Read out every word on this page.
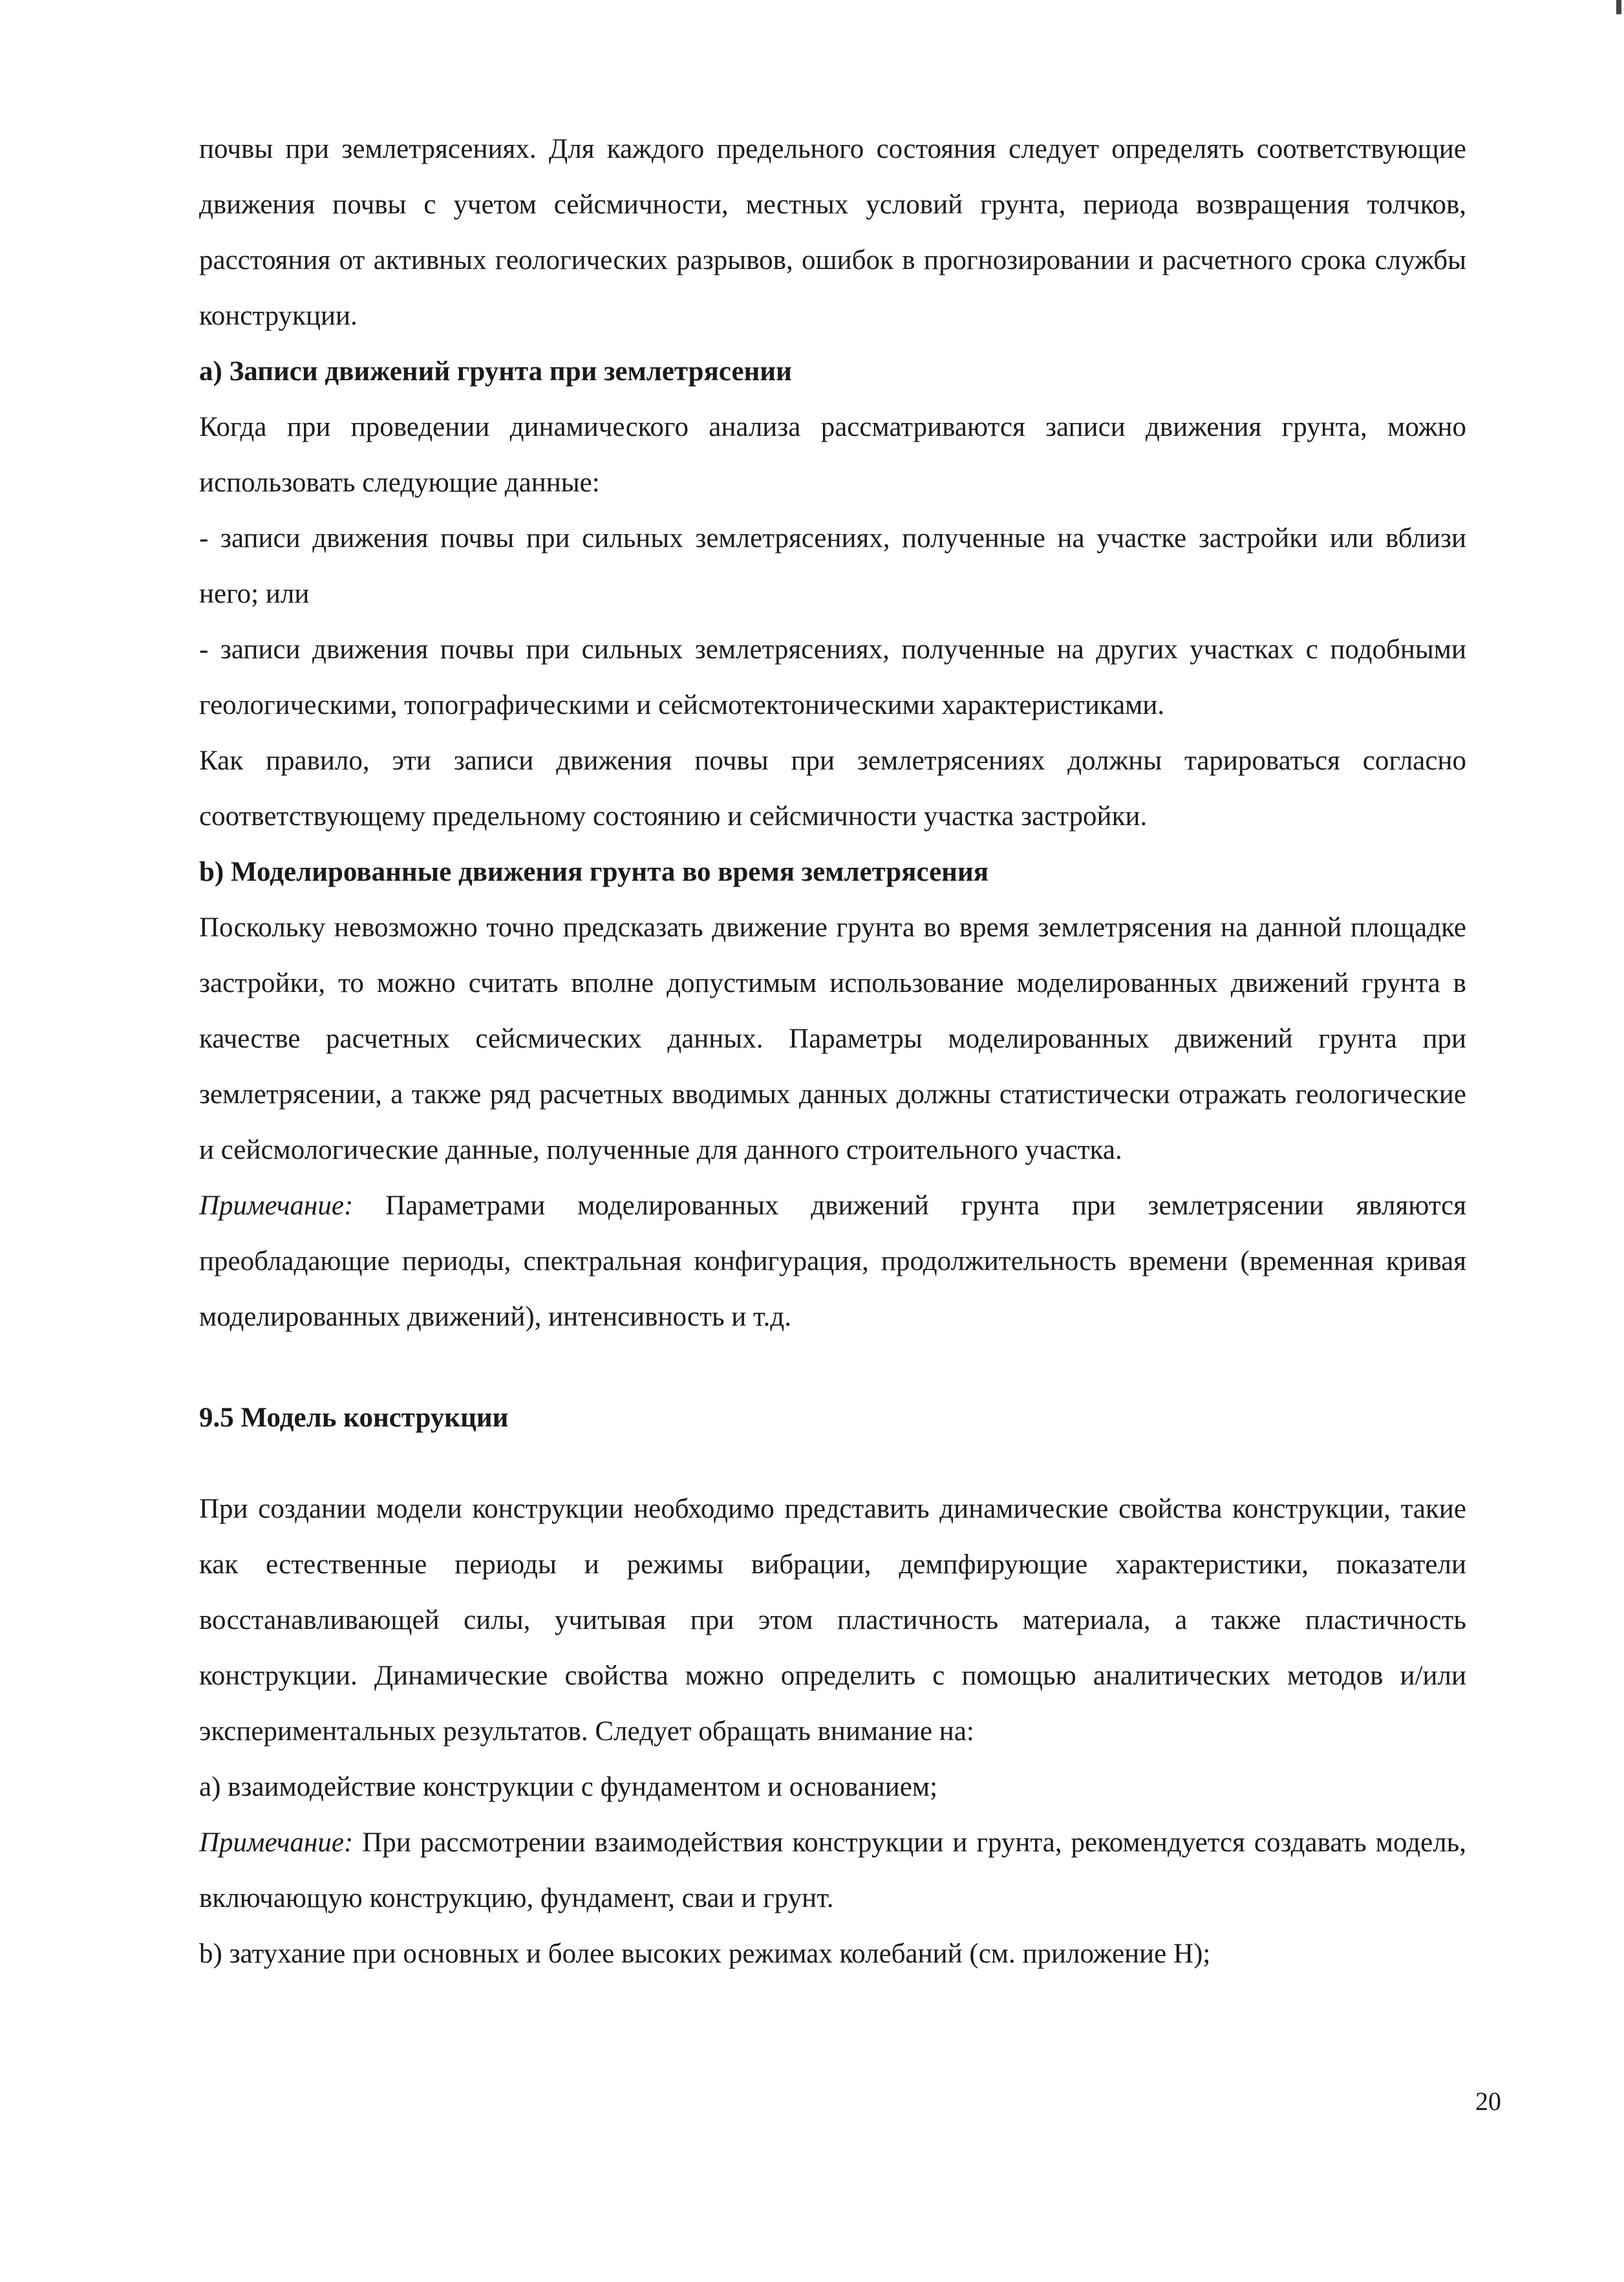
почвы при землетрясениях. Для каждого предельного состояния следует определять соответствующие движения почвы с учетом сейсмичности, местных условий грунта, периода возвращения толчков, расстояния от активных геологических разрывов, ошибок в прогнозировании и расчетного срока службы конструкции.

a) Записи движений грунта при землетрясении

Когда при проведении динамического анализа рассматриваются записи движения грунта, можно использовать следующие данные:

- записи движения почвы при сильных землетрясениях, полученные на участке застройки или вблизи него; или

- записи движения почвы при сильных землетрясениях, полученные на других участках с подобными геологическими, топографическими и сейсмотектоническими характеристиками.

Как правило, эти записи движения почвы при землетрясениях должны тарироваться согласно соответствующему предельному состоянию и сейсмичности участка застройки.

b) Моделированные движения грунта во время землетрясения

Поскольку невозможно точно предсказать движение грунта во время землетрясения на данной площадке застройки, то можно считать вполне допустимым использование моделированных движений грунта в качестве расчетных сейсмических данных. Параметры моделированных движений грунта при землетрясении, а также ряд расчетных вводимых данных должны статистически отражать геологические и сейсмологические данные, полученные для данного строительного участка.

Примечание: Параметрами моделированных движений грунта при землетрясении являются преобладающие периоды, спектральная конфигурация, продолжительность времени (временная кривая моделированных движений), интенсивность и т.д.

9.5 Модель конструкции

При создании модели конструкции необходимо представить динамические свойства конструкции, такие как естественные периоды и режимы вибрации, демпфирующие характеристики, показатели восстанавливающей силы, учитывая при этом пластичность материала, а также пластичность конструкции. Динамические свойства можно определить с помощью аналитических методов и/или экспериментальных результатов. Следует обращать внимание на:

a) взаимодействие конструкции с фундаментом и основанием;

Примечание: При рассмотрении взаимодействия конструкции и грунта, рекомендуется создавать модель, включающую конструкцию, фундамент, сваи и грунт.

b) затухание при основных и более высоких режимах колебаний (см. приложение Н);

20
